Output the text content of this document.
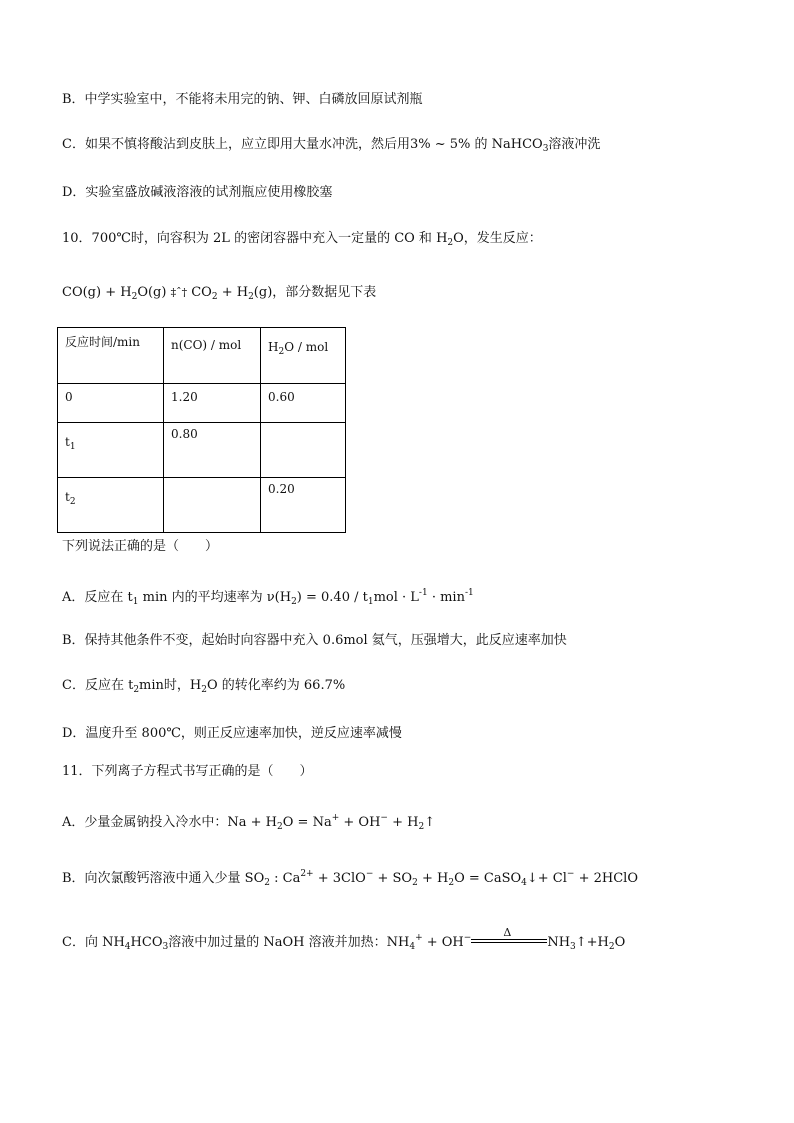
B．中学实验室中，不能将未用完的钠、钾、白磷放回原试剂瓶
C．如果不慎将酸沾到皮肤上，应立即用大量水冲洗，然后用3% ~ 5% 的 NaHCO$_3$溶液冲洗
D．实验室盛放碱液溶液的试剂瓶应使用橡胶塞
10．700℃时，向容积为 2L 的密闭容器中充入一定量的 CO 和 $H_2O$，发生反应：
$CO(g) + H_2O(g)$ ‡ˆ† $CO_2 + H_2(g)$，部分数据见下表
反应时间/min	n(CO) / mol	$H_2O$ / mol
0	1.20	0.60
$t_1$	0.80	
$t_2$		0.20
下列说法正确的是（　　）
A．反应在 $t_1$ min 内的平均速率为 $\nu(H_2) = 0.40 / t_1mol \cdot L^{-1} \cdot \min^{-1}$
B．保持其他条件不变，起始时向容器中充入 0.6mol 氦气，压强增大，此反应速率加快
C．反应在 $t_2\min$时，$H_2O$ 的转化率约为 66.7%
D．温度升至 800℃，则正反应速率加快，逆反应速率减慢
11．下列离子方程式书写正确的是（　　）
A．少量金属钠投入冷水中：$Na + H_2O = Na^+ + OH^-$ + $H_2↑$
B．向次氯酸钙溶液中通入少量 $SO_2$ : $Ca^{2+} + 3ClO^- + SO_2 + H_2O$ = CaSO$_4$↓+ Cl− + 2HClO
C．向 $NH_4HCO_3$溶液中加过量的 NaOH 溶液并加热：$NH_4^+ + OH^-$	Δ
$NH_3↑+H_2O$
